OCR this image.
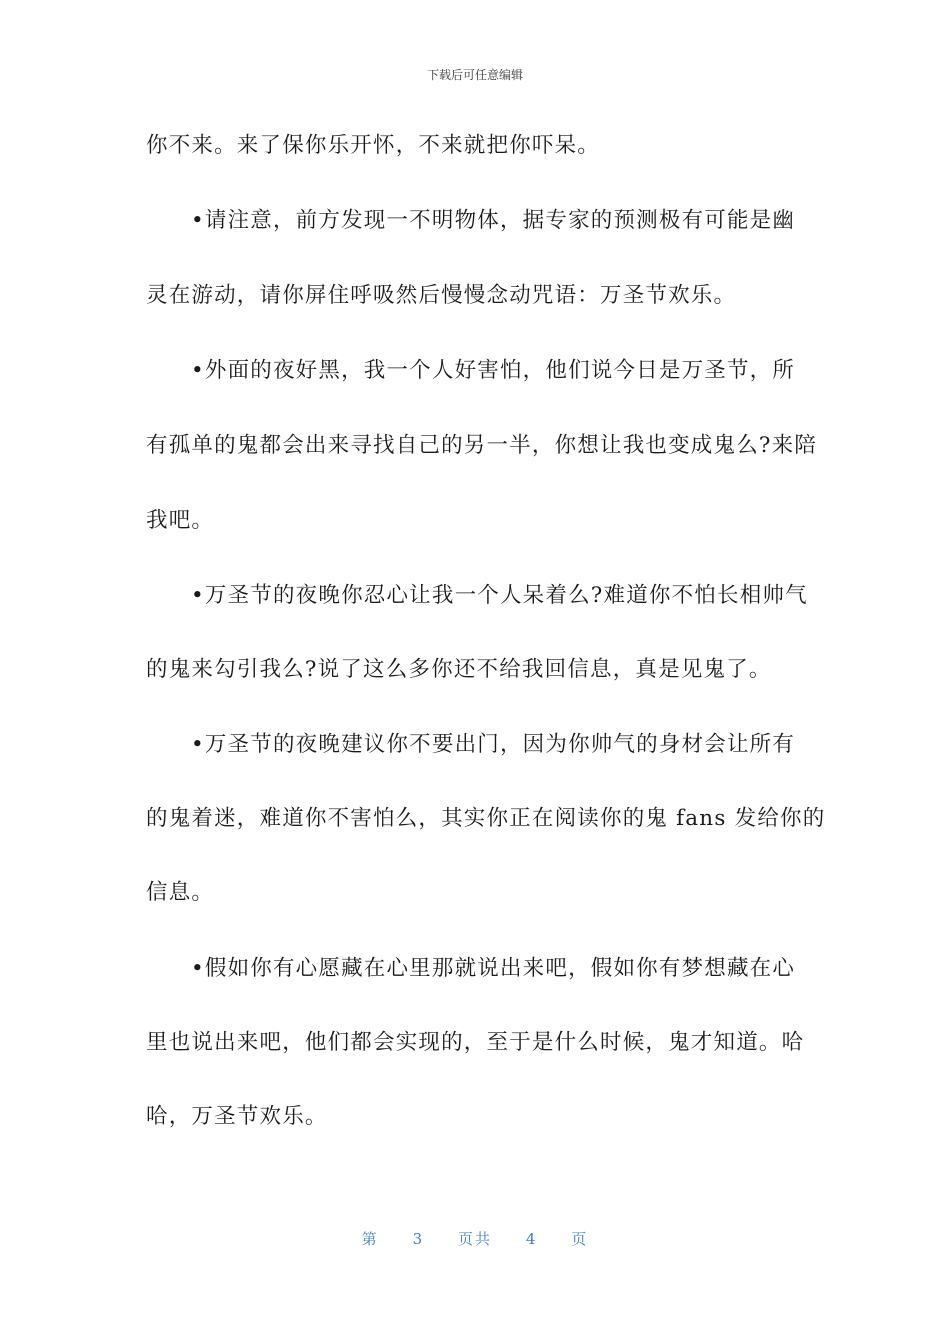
下载后可任意编辑
你不来。来了保你乐开怀，不来就把你吓呆。
•请注意，前方发现一不明物体，据专家的预测极有可能是幽
灵在游动，请你屏住呼吸然后慢慢念动咒语：万圣节欢乐。
•外面的夜好黑，我一个人好害怕，他们说今日是万圣节，所
有孤单的鬼都会出来寻找自己的另一半，你想让我也变成鬼么?来陪
我吧。
•万圣节的夜晚你忍心让我一个人呆着么?难道你不怕长相帅气
的鬼来勾引我么?说了这么多你还不给我回信息，真是见鬼了。
•万圣节的夜晚建议你不要出门，因为你帅气的身材会让所有
的鬼着迷，难道你不害怕么，其实你正在阅读你的鬼 fans 发给你的
信息。
•假如你有心愿藏在心里那就说出来吧，假如你有梦想藏在心
里也说出来吧，他们都会实现的，至于是什么时候，鬼才知道。哈
哈，万圣节欢乐。
第 3 页共 4 页
